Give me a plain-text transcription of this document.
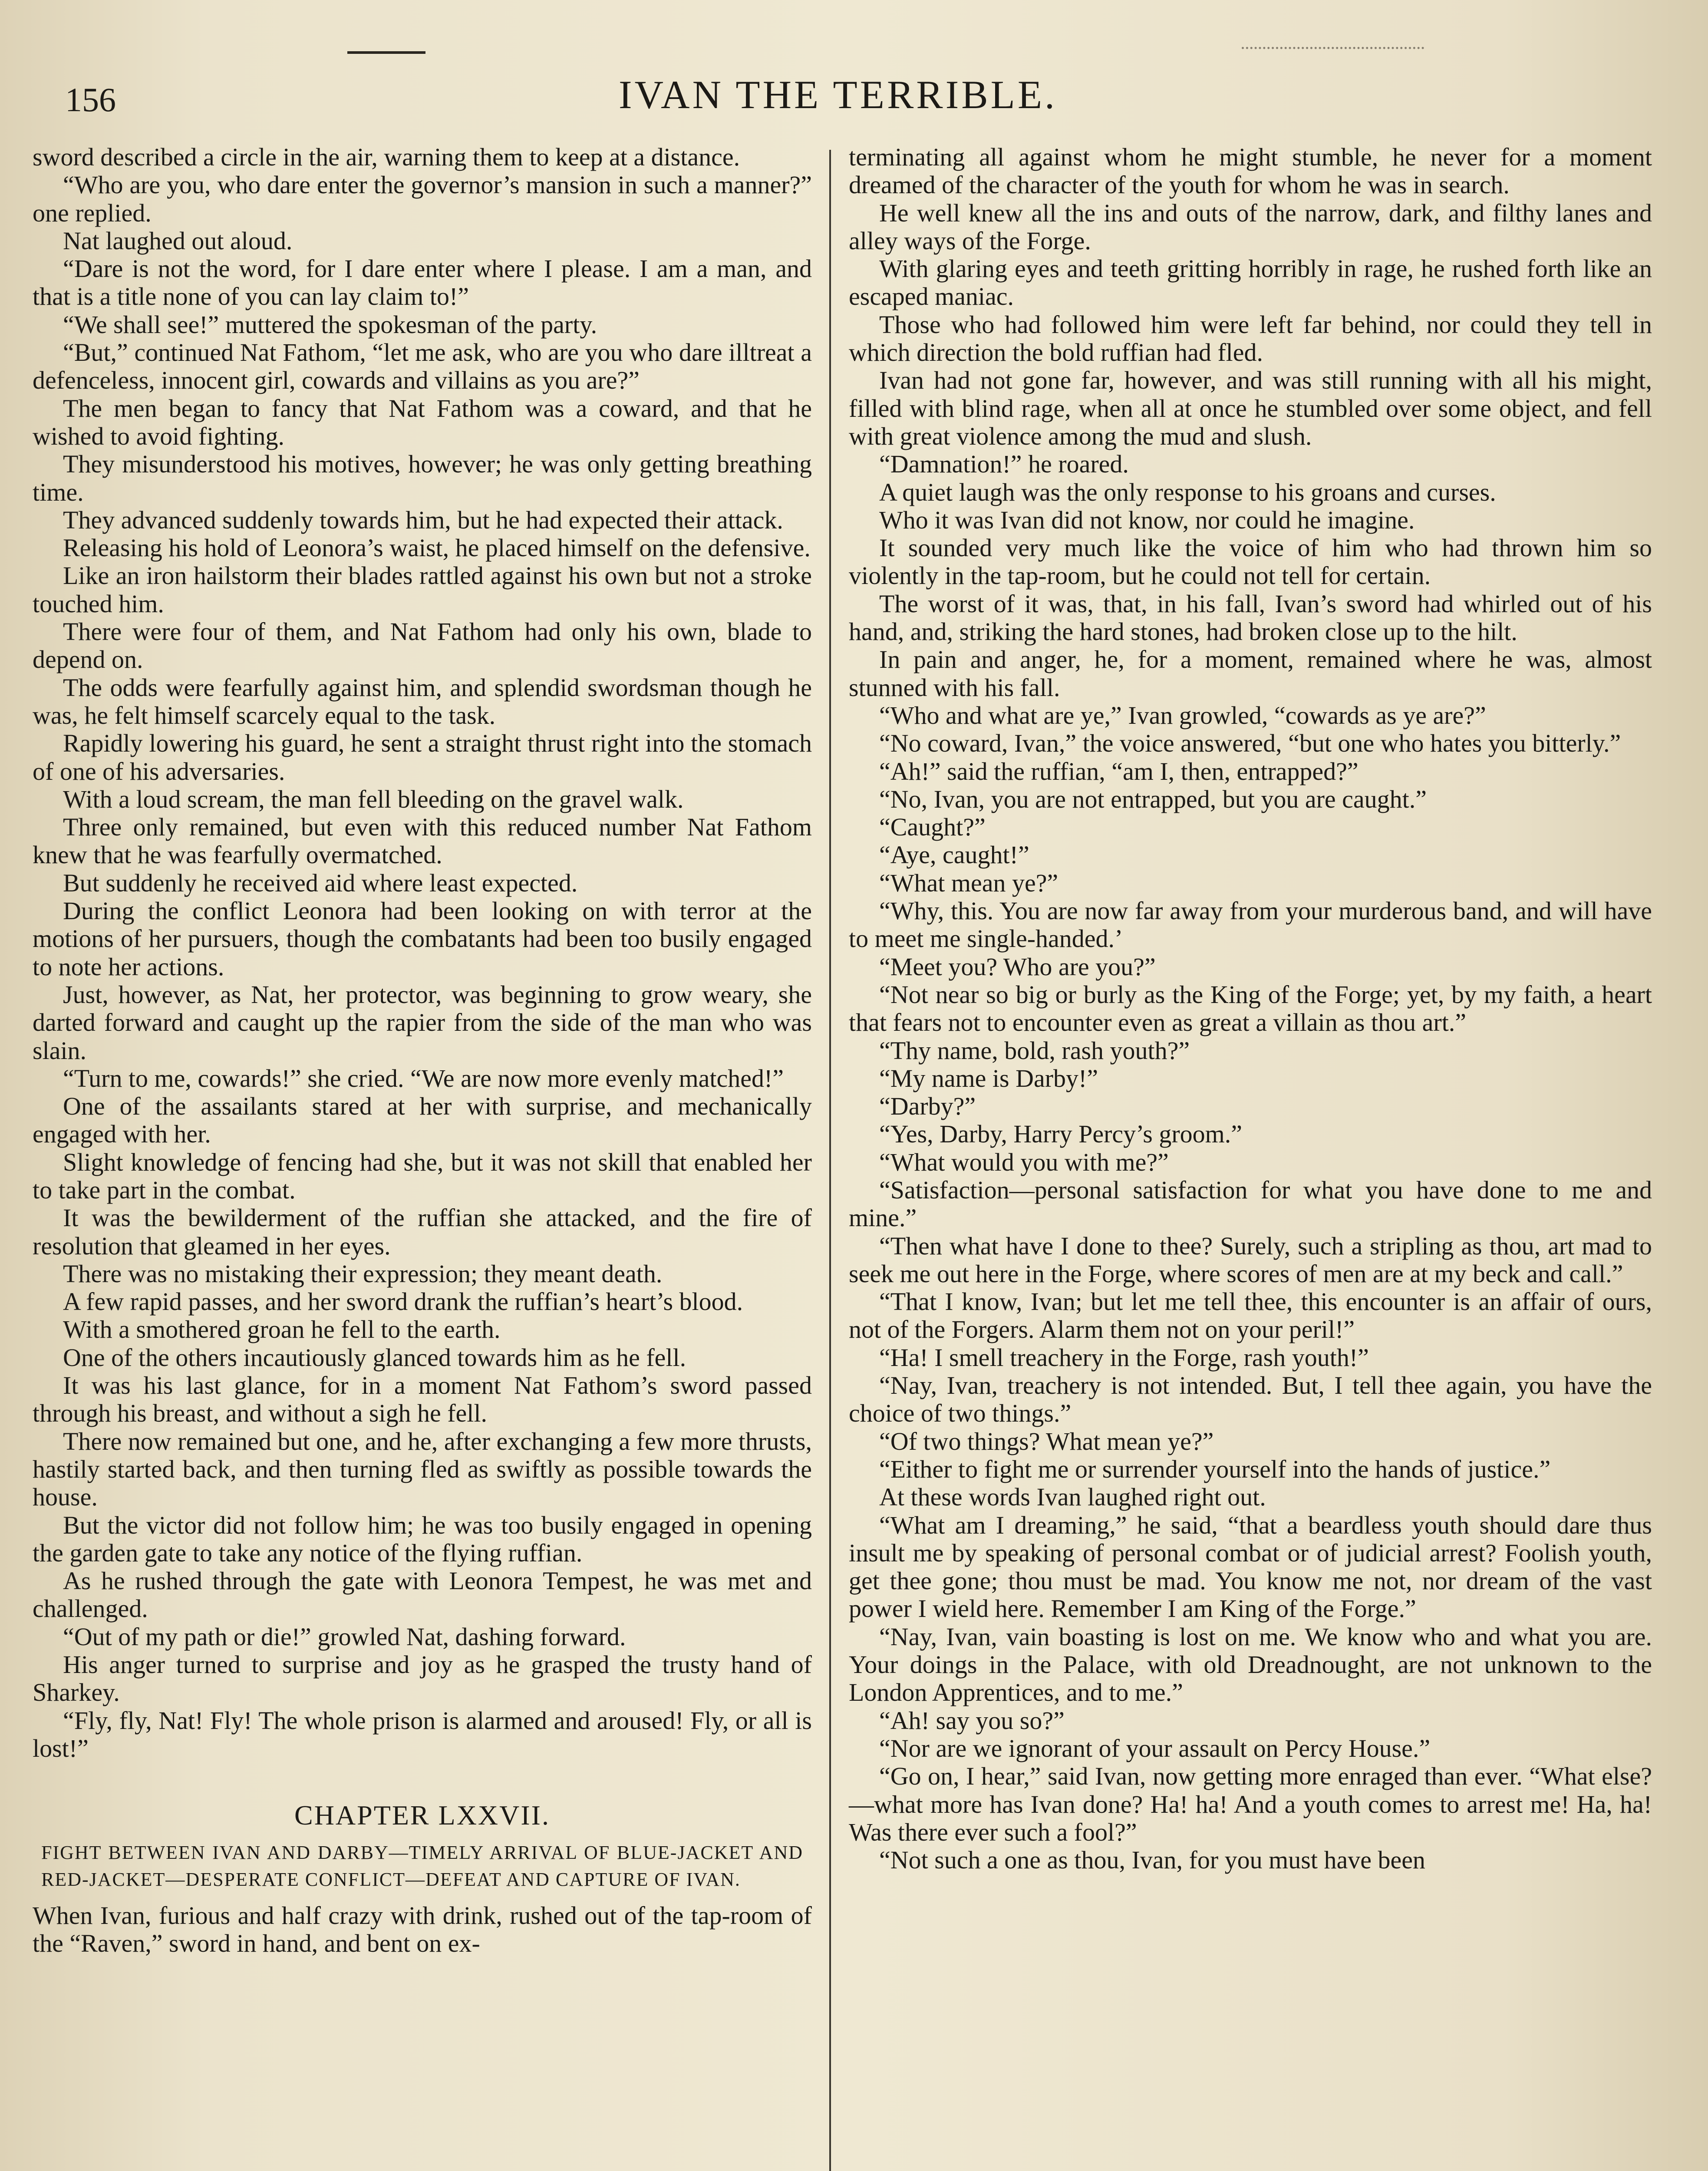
156	IVAN THE TERRIBLE.

sword described a circle in the air, warning them to keep at a distance.

“Who are you, who dare enter the governor’s mansion in such a manner?” one replied.

Nat laughed out aloud.

“Dare is not the word, for I dare enter where I please. I am a man, and that is a title none of you can lay claim to!”

“We shall see!” muttered the spokesman of the party.

“But,” continued Nat Fathom, “let me ask, who are you who dare illtreat a defenceless, innocent girl, cowards and villains as you are?”

The men began to fancy that Nat Fathom was a coward, and that he wished to avoid fighting.

They misunderstood his motives, however; he was only getting breathing time.

They advanced suddenly towards him, but he had expected their attack.

Releasing his hold of Leonora’s waist, he placed himself on the defensive.

Like an iron hailstorm their blades rattled against his own but not a stroke touched him.

There were four of them, and Nat Fathom had only his own, blade to depend on.

The odds were fearfully against him, and splendid swordsman though he was, he felt himself scarcely equal to the task.

Rapidly lowering his guard, he sent a straight thrust right into the stomach of one of his adversaries.

With a loud scream, the man fell bleeding on the gravel walk.

Three only remained, but even with this reduced number Nat Fathom knew that he was fearfully overmatched.

But suddenly he received aid where least expected.

During the conflict Leonora had been looking on with terror at the motions of her pursuers, though the combatants had been too busily engaged to note her actions.

Just, however, as Nat, her protector, was beginning to grow weary, she darted forward and caught up the rapier from the side of the man who was slain.

“Turn to me, cowards!” she cried. “We are now more evenly matched!”

One of the assailants stared at her with surprise, and mechanically engaged with her.

Slight knowledge of fencing had she, but it was not skill that enabled her to take part in the combat.

It was the bewilderment of the ruffian she attacked, and the fire of resolution that gleamed in her eyes.

There was no mistaking their expression; they meant death.

A few rapid passes, and her sword drank the ruffian’s heart’s blood.

With a smothered groan he fell to the earth.

One of the others incautiously glanced towards him as he fell.

It was his last glance, for in a moment Nat Fathom’s sword passed through his breast, and without a sigh he fell.

There now remained but one, and he, after exchanging a few more thrusts, hastily started back, and then turning fled as swiftly as possible towards the house.

But the victor did not follow him; he was too busily engaged in opening the garden gate to take any notice of the flying ruffian.

As he rushed through the gate with Leonora Tempest, he was met and challenged.

“Out of my path or die!” growled Nat, dashing forward.

His anger turned to surprise and joy as he grasped the trusty hand of Sharkey.

“Fly, fly, Nat! Fly! The whole prison is alarmed and aroused! Fly, or all is lost!”

CHAPTER LXXVII.
FIGHT BETWEEN IVAN AND DARBY—TIMELY ARRIVAL OF BLUE-JACKET AND RED-JACKET—DESPERATE CONFLICT—DEFEAT AND CAPTURE OF IVAN.

When Ivan, furious and half crazy with drink, rushed out of the tap-room of the “Raven,” sword in hand, and bent on ex-

terminating all against whom he might stumble, he never for a moment dreamed of the character of the youth for whom he was in search.

He well knew all the ins and outs of the narrow, dark, and filthy lanes and alley ways of the Forge.

With glaring eyes and teeth gritting horribly in rage, he rushed forth like an escaped maniac.

Those who had followed him were left far behind, nor could they tell in which direction the bold ruffian had fled.

Ivan had not gone far, however, and was still running with all his might, filled with blind rage, when all at once he stumbled over some object, and fell with great violence among the mud and slush.

“Damnation!” he roared.

A quiet laugh was the only response to his groans and curses.

Who it was Ivan did not know, nor could he imagine.

It sounded very much like the voice of him who had thrown him so violently in the tap-room, but he could not tell for certain.

The worst of it was, that, in his fall, Ivan’s sword had whirled out of his hand, and, striking the hard stones, had broken close up to the hilt.

In pain and anger, he, for a moment, remained where he was, almost stunned with his fall.

“Who and what are ye,” Ivan growled, “cowards as ye are?”

“No coward, Ivan,” the voice answered, “but one who hates you bitterly.”

“Ah!” said the ruffian, “am I, then, entrapped?”

“No, Ivan, you are not entrapped, but you are caught.”

“Caught?”

“Aye, caught!”

“What mean ye?”

“Why, this. You are now far away from your murderous band, and will have to meet me single-handed.’

“Meet you? Who are you?”

“Not near so big or burly as the King of the Forge; yet, by my faith, a heart that fears not to encounter even as great a villain as thou art.”

“Thy name, bold, rash youth?”

“My name is Darby!”

“Darby?”

“Yes, Darby, Harry Percy’s groom.”

“What would you with me?”

“Satisfaction—personal satisfaction for what you have done to me and mine.”

“Then what have I done to thee? Surely, such a stripling as thou, art mad to seek me out here in the Forge, where scores of men are at my beck and call.”

“That I know, Ivan; but let me tell thee, this encounter is an affair of ours, not of the Forgers. Alarm them not on your peril!”

“Ha! I smell treachery in the Forge, rash youth!”

“Nay, Ivan, treachery is not intended. But, I tell thee again, you have the choice of two things.”

“Of two things? What mean ye?”

“Either to fight me or surrender yourself into the hands of justice.”

At these words Ivan laughed right out.

“What am I dreaming,” he said, “that a beardless youth should dare thus insult me by speaking of personal combat or of judicial arrest? Foolish youth, get thee gone; thou must be mad. You know me not, nor dream of the vast power I wield here. Remember I am King of the Forge.”

“Nay, Ivan, vain boasting is lost on me. We know who and what you are. Your doings in the Palace, with old Dreadnought, are not unknown to the London Apprentices, and to me.”

“Ah! say you so?”

“Nor are we ignorant of your assault on Percy House.”

“Go on, I hear,” said Ivan, now getting more enraged than ever. “What else?—what more has Ivan done? Ha! ha! And a youth comes to arrest me! Ha, ha! Was there ever such a fool?”

“Not such a one as thou, Ivan, for you must have been
